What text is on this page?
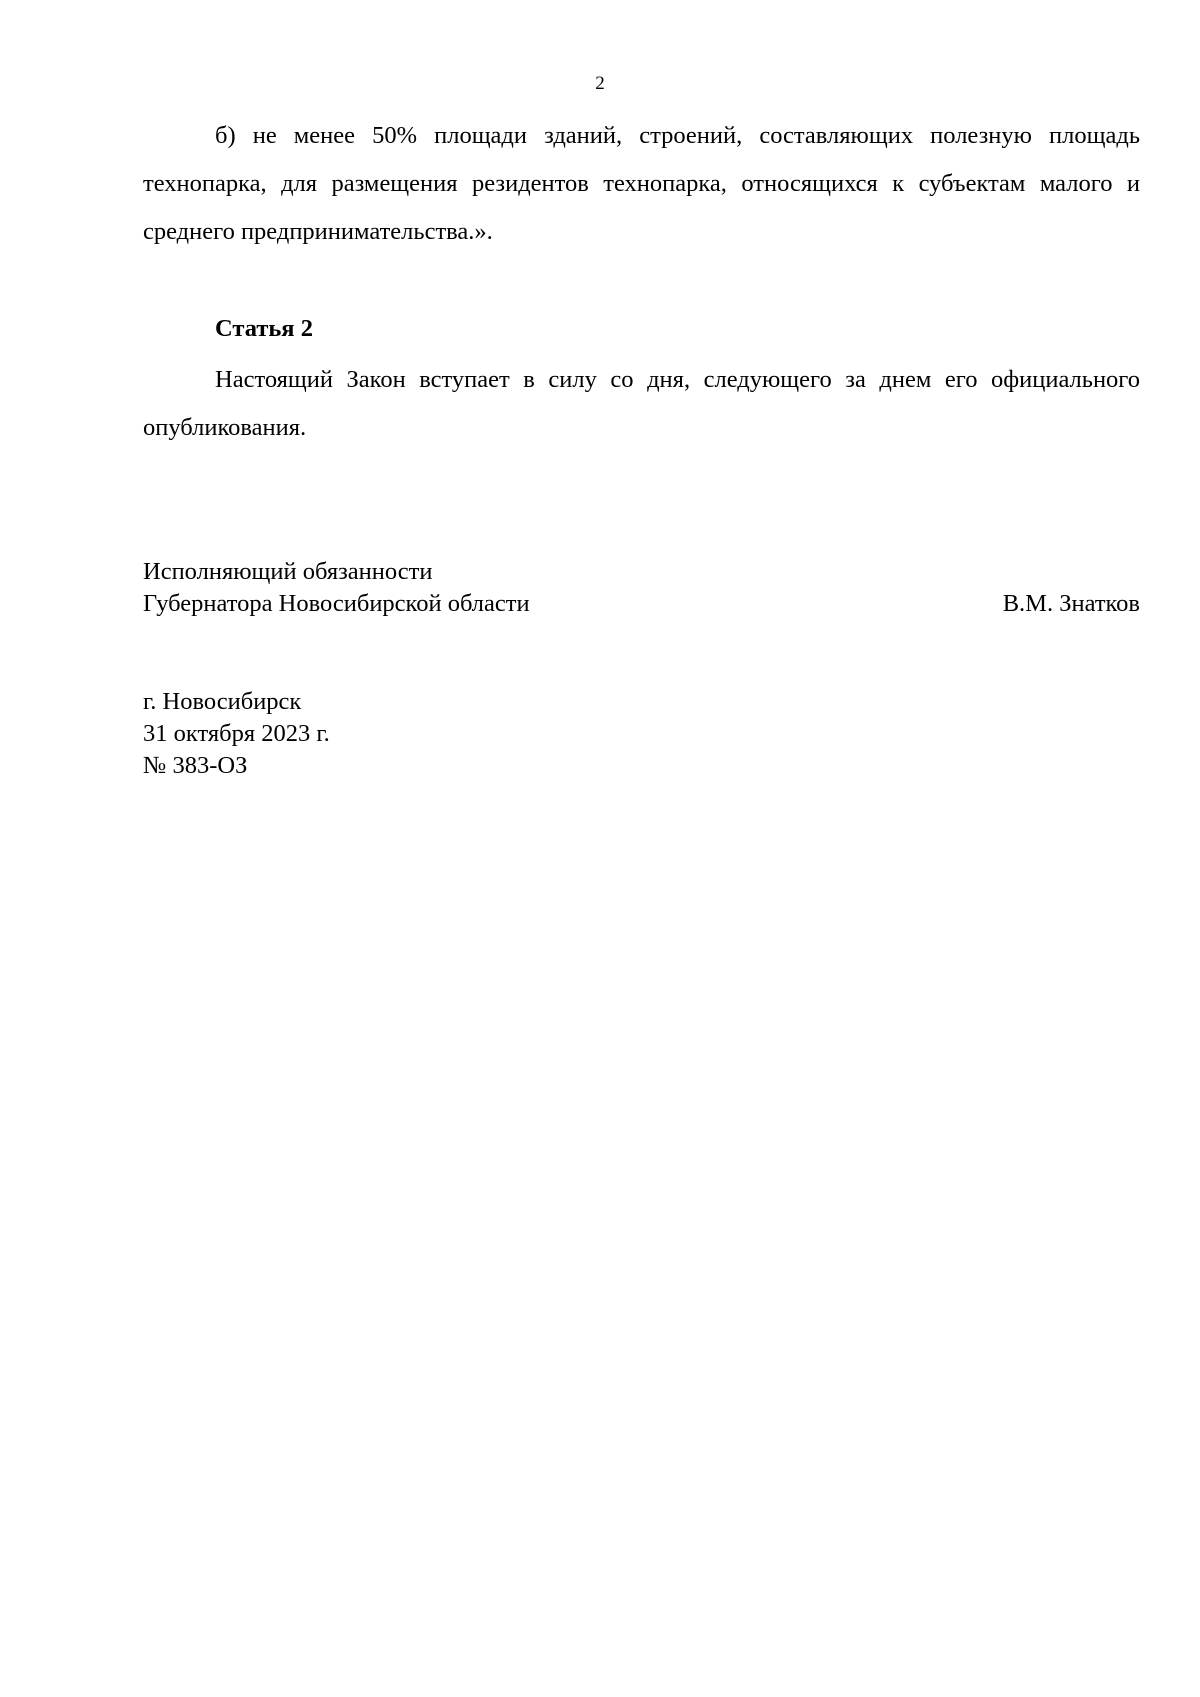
2

б) не менее 50% площади зданий, строений, составляющих полезную площадь технопарка, для размещения резидентов технопарка, относящихся к субъектам малого и среднего предпринимательства.».

Статья 2

Настоящий Закон вступает в силу со дня, следующего за днем его официального опубликования.

Исполняющий обязанности
Губернатора Новосибирской области	В.М. Знатков
г. Новосибирск
31 октября 2023 г.
№ 383-ОЗ
